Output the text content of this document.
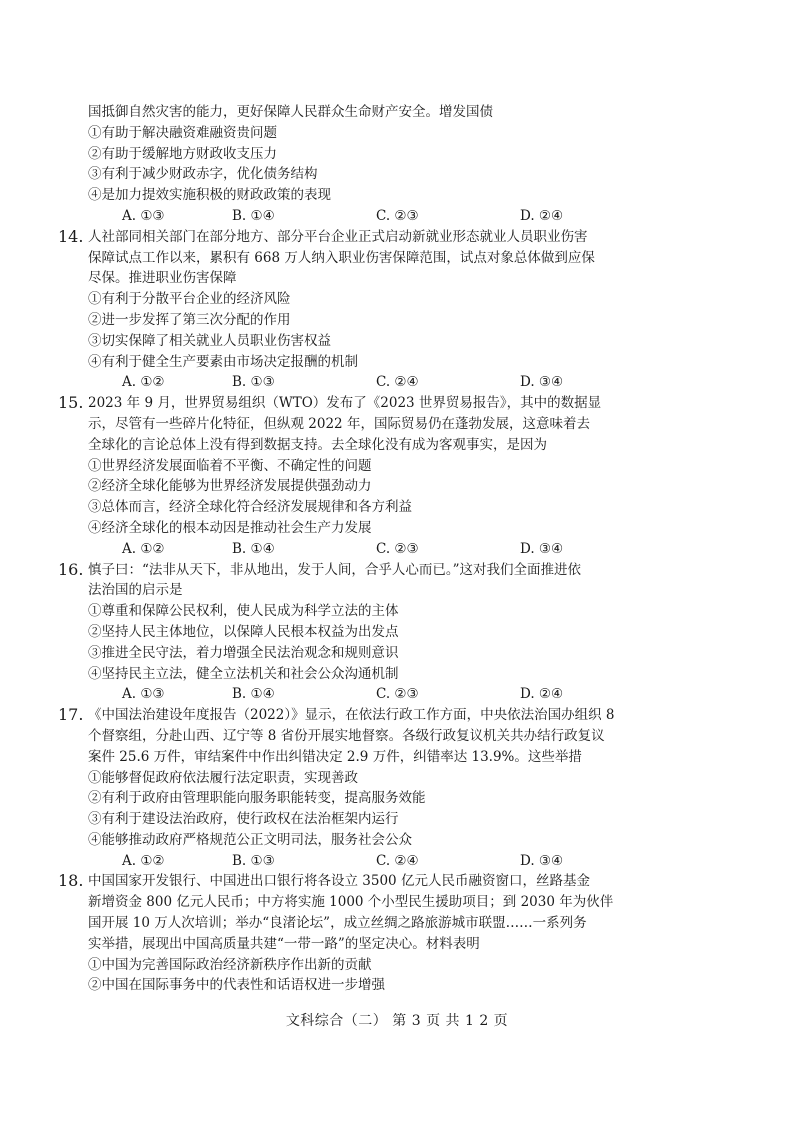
国抵御自然灾害的能力，更好保障人民群众生命财产安全。增发国债
①有助于解决融资难融资贵问题
②有助于缓解地方财政收支压力
③有利于减少财政赤字，优化债务结构
④是加力提效实施积极的财政政策的表现
A. ①③	B. ①④	C. ②③	D. ②④
14. 人社部同相关部门在部分地方、部分平台企业正式启动新就业形态就业人员职业伤害
保障试点工作以来，累积有 668 万人纳入职业伤害保障范围，试点对象总体做到应保
尽保。推进职业伤害保障
①有利于分散平台企业的经济风险
②进一步发挥了第三次分配的作用
③切实保障了相关就业人员职业伤害权益
④有利于健全生产要素由市场决定报酬的机制
A. ①②	B. ①③	C. ②④	D. ③④
15. 2023 年 9 月，世界贸易组织（WTO）发布了《2023 世界贸易报告》，其中的数据显
示，尽管有一些碎片化特征，但纵观 2022 年，国际贸易仍在蓬勃发展，这意味着去
全球化的言论总体上没有得到数据支持。去全球化没有成为客观事实，是因为
①世界经济发展面临着不平衡、不确定性的问题
②经济全球化能够为世界经济发展提供强劲动力
③总体而言，经济全球化符合经济发展规律和各方利益
④经济全球化的根本动因是推动社会生产力发展
A. ①②	B. ①④	C. ②③	D. ③④
16. 慎子曰：“法非从天下，非从地出，发于人间，合乎人心而已。”这对我们全面推进依
法治国的启示是
①尊重和保障公民权利，使人民成为科学立法的主体
②坚持人民主体地位，以保障人民根本权益为出发点
③推进全民守法，着力增强全民法治观念和规则意识
④坚持民主立法，健全立法机关和社会公众沟通机制
A. ①③	B. ①④	C. ②③	D. ②④
17. 《中国法治建设年度报告（2022）》显示，在依法行政工作方面，中央依法治国办组织 8
个督察组，分赴山西、辽宁等 8 省份开展实地督察。各级行政复议机关共办结行政复议
案件 25.6 万件，审结案件中作出纠错决定 2.9 万件，纠错率达 13.9%。这些举措
①能够督促政府依法履行法定职责，实现善政
②有利于政府由管理职能向服务职能转变，提高服务效能
③有利于建设法治政府，使行政权在法治框架内运行
④能够推动政府严格规范公正文明司法，服务社会公众
A. ①②	B. ①③	C. ②④	D. ③④
18. 中国国家开发银行、中国进出口银行将各设立 3500 亿元人民币融资窗口，丝路基金
新增资金 800 亿元人民币；中方将实施 1000 个小型民生援助项目；到 2030 年为伙伴
国开展 10 万人次培训；举办“良渚论坛”，成立丝绸之路旅游城市联盟……一系列务
实举措，展现出中国高质量共建“一带一路”的坚定决心。材料表明
①中国为完善国际政治经济新秩序作出新的贡献
②中国在国际事务中的代表性和话语权进一步增强
文科综合（二） 第 3 页 共 1 2 页
